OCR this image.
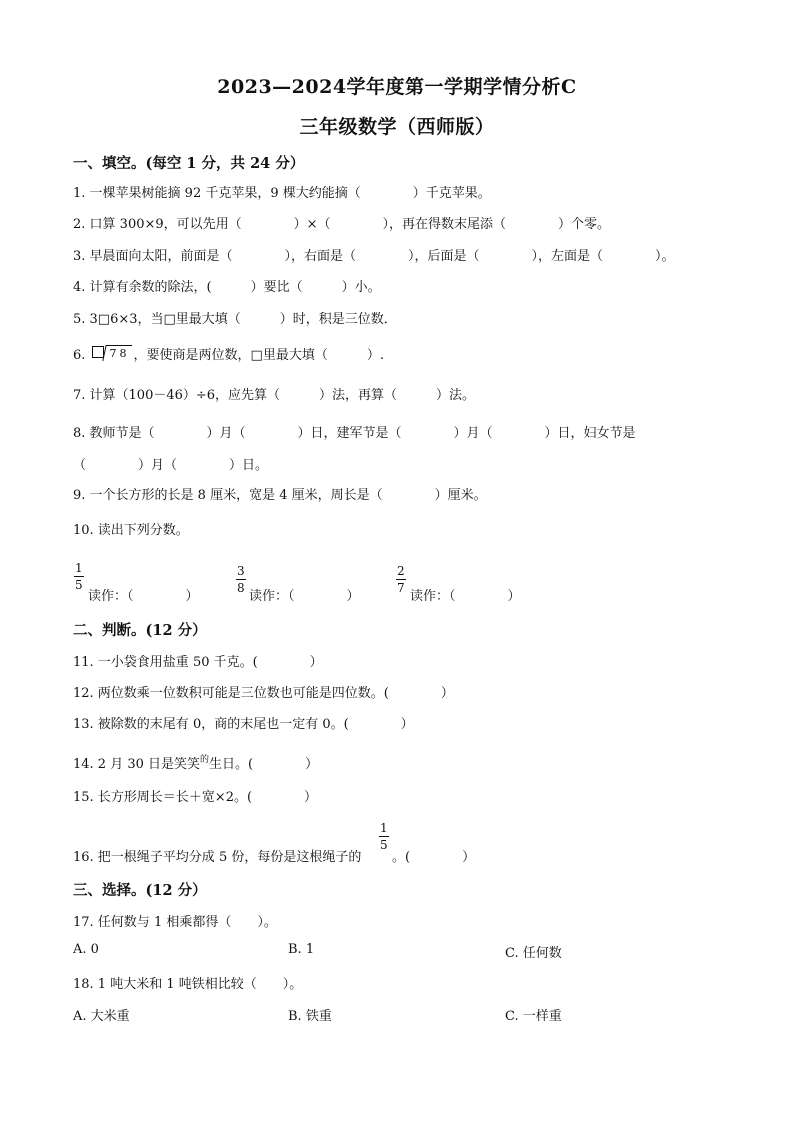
2023—2024学年度第一学期学情分析C
三年级数学（西师版）
一、填空。(每空 1 分，共 24 分）
1. 一棵苹果树能摘 92 千克苹果，9 棵大约能摘（　　　　）千克苹果。
2. 口算 300×9，可以先用（　　　　）×（　　　　），再在得数末尾添（　　　　）个零。
3. 早晨面向太阳，前面是（　　　　），右面是（　　　　），后面是（　　　　），左面是（　　　　）。
4. 计算有余数的除法，(　　　）要比（　　　）小。
5. 3□6×3，当□里最大填（　　　）时，积是三位数．
6. 78 ，要使商是两位数，□里最大填（　　　）.
7. 计算（100－46）÷6，应先算（　　　）法，再算（　　　）法。
8. 教师节是（　　　　）月（　　　　）日，建军节是（　　　　）月（　　　　）日，妇女节是
（　　　　）月（　　　　）日。
9. 一个长方形的长是 8 厘米，宽是 4 厘米，周长是（　　　　）厘米。
10. 读出下列分数。
$\frac{1}{5}$
读作：（　　　　）
$\frac{3}{8}$
读作：（　　　　）
$\frac{2}{7}$
读作：（　　　　）
二、判断。(12 分）
11. 一小袋食用盐重 50 千克。(　　　　）
12. 两位数乘一位数积可能是三位数也可能是四位数。(　　　　）
13. 被除数的末尾有 0，商的末尾也一定有 0。(　　　　）
14. 2 月 30 日是笑笑$^的$生日。(　　　　）
15. 长方形周长＝长＋宽×2。(　　　　）
16. 把一根绳子平均分成 5 份，每份是这根绳子的
$\frac{1}{5}$
。(　　　　）
三、选择。(12 分）
17. 任何数与 1 相乘都得（　　）。
A. 0	B. 1	C. 任何数
18. 1 吨大米和 1 吨铁相比较（　　）。
A. 大米重	B. 铁重	C. 一样重
